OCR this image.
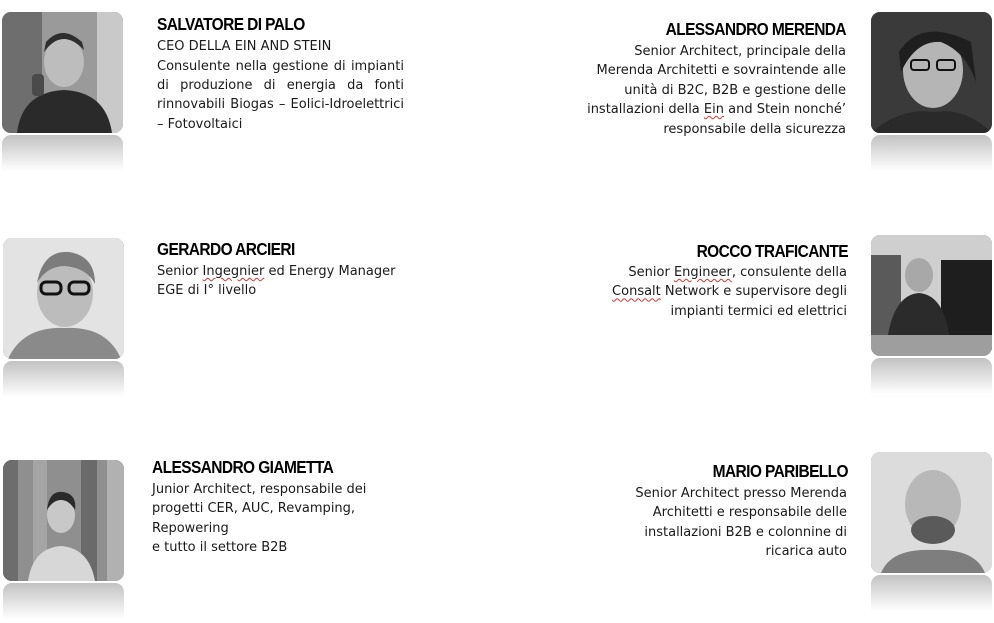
SALVATORE DI PALO
CEO DELLA EIN AND STEIN
Consulente nella gestione di impianti di produzione di energia da fonti rinnovabili Biogas – Eolici-Idroelettrici – Fotovoltaici
ALESSANDRO MERENDA
Senior Architect, principale della Merenda Architetti e sovraintende alle unità di B2C, B2B e gestione delle installazioni della Ein and Stein nonché’ responsabile della sicurezza
GERARDO ARCIERI
Senior Ingegnier ed Energy Manager EGE di I° livello
ROCCO TRAFICANTE
Senior Engineer, consulente della Consalt Network e supervisore degli impianti termici ed elettrici
ALESSANDRO GIAMETTA
Junior Architect, responsabile dei progetti CER, AUC, Revamping, Repowering
e tutto il settore B2B
MARIO PARIBELLO
Senior Architect presso Merenda Architetti e responsabile delle installazioni B2B e colonnine di ricarica auto
